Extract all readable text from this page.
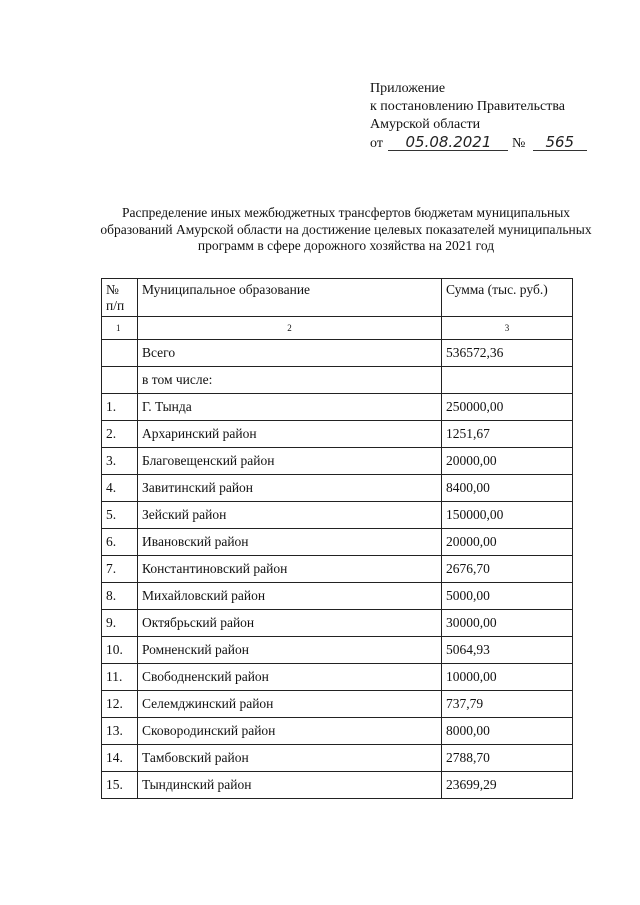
Приложение
к постановлению Правительства
Амурской области
от 05.08.2021 № 565
Распределение иных межбюджетных трансфертов бюджетам муниципальных образований Амурской области на достижение целевых показателей муниципальных программ в сфере дорожного хозяйства на 2021 год
№ п/п	Муниципальное образование	Сумма (тыс. руб.)
1	2	3
	Всего	536572,36
	в том числе:	
1.	Г. Тында	250000,00
2.	Архаринский район	1251,67
3.	Благовещенский район	20000,00
4.	Завитинский район	8400,00
5.	Зейский район	150000,00
6.	Ивановский район	20000,00
7.	Константиновский район	2676,70
8.	Михайловский район	5000,00
9.	Октябрьский район	30000,00
10.	Ромненский район	5064,93
11.	Свободненский район	10000,00
12.	Селемджинский район	737,79
13.	Сковородинский район	8000,00
14.	Тамбовский район	2788,70
15.	Тындинский район	23699,29
